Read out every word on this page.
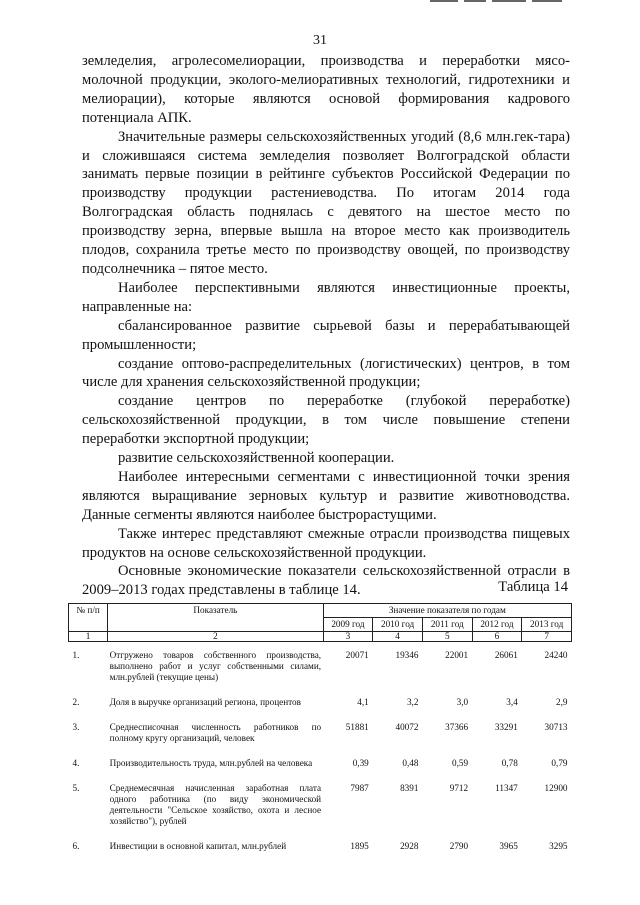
31

земледелия, агролесомелиорации, производства и переработки мясо-молочной продукции, эколого-мелиоративных технологий, гидротехники и мелиорации), которые являются основой формирования кадрового потенциала АПК.

Значительные размеры сельскохозяйственных угодий (8,6 млн.гек-тара) и сложившаяся система земледелия позволяет Волгоградской области занимать первые позиции в рейтинге субъектов Российской Федерации по производству продукции растениеводства. По итогам 2014 года Волгоградская область поднялась с девятого на шестое место по производству зерна, впервые вышла на второе место как производитель плодов, сохранила третье место по производству овощей, по производству подсолнечника – пятое место.

Наиболее перспективными являются инвестиционные проекты, направленные на:

сбалансированное развитие сырьевой базы и перерабатывающей промышленности;

создание оптово-распределительных (логистических) центров, в том числе для хранения сельскохозяйственной продукции;

создание центров по переработке (глубокой переработке) сельскохозяйственной продукции, в том числе повышение степени переработки экспортной продукции;

развитие сельскохозяйственной кооперации.

Наиболее интересными сегментами с инвестиционной точки зрения являются выращивание зерновых культур и развитие животноводства. Данные сегменты являются наиболее быстрорастущими.

Также интерес представляют смежные отрасли производства пищевых продуктов на основе сельскохозяйственной продукции.

Основные экономические показатели сельскохозяйственной отрасли в 2009–2013 годах представлены в таблице 14.	Таблица 14
№ п/п	Показатель	Значение показателя по годам				
		2009 год	2010 год	2011 год	2012 год	2013 год
1	2	3	4	5	6	7
1.	Отгружено товаров собственного производства, выполнено работ и услуг собственными силами, млн.рублей (текущие цены)	20071	19346	22001	26061	24240
2.	Доля в выручке организаций региона, процентов	4,1	3,2	3,0	3,4	2,9
3.	Среднесписочная численность работников по полному кругу организаций, человек	51881	40072	37366	33291	30713
4.	Производительность труда, млн.рублей на человека	0,39	0,48	0,59	0,78	0,79
5.	Среднемесячная начисленная заработная плата одного работника (по виду экономической деятельности "Сельское хозяйство, охота и лесное хозяйство"), рублей	7987	8391	9712	11347	12900
6.	Инвестиции в основной капитал, млн.рублей	1895	2928	2790	3965	3295
